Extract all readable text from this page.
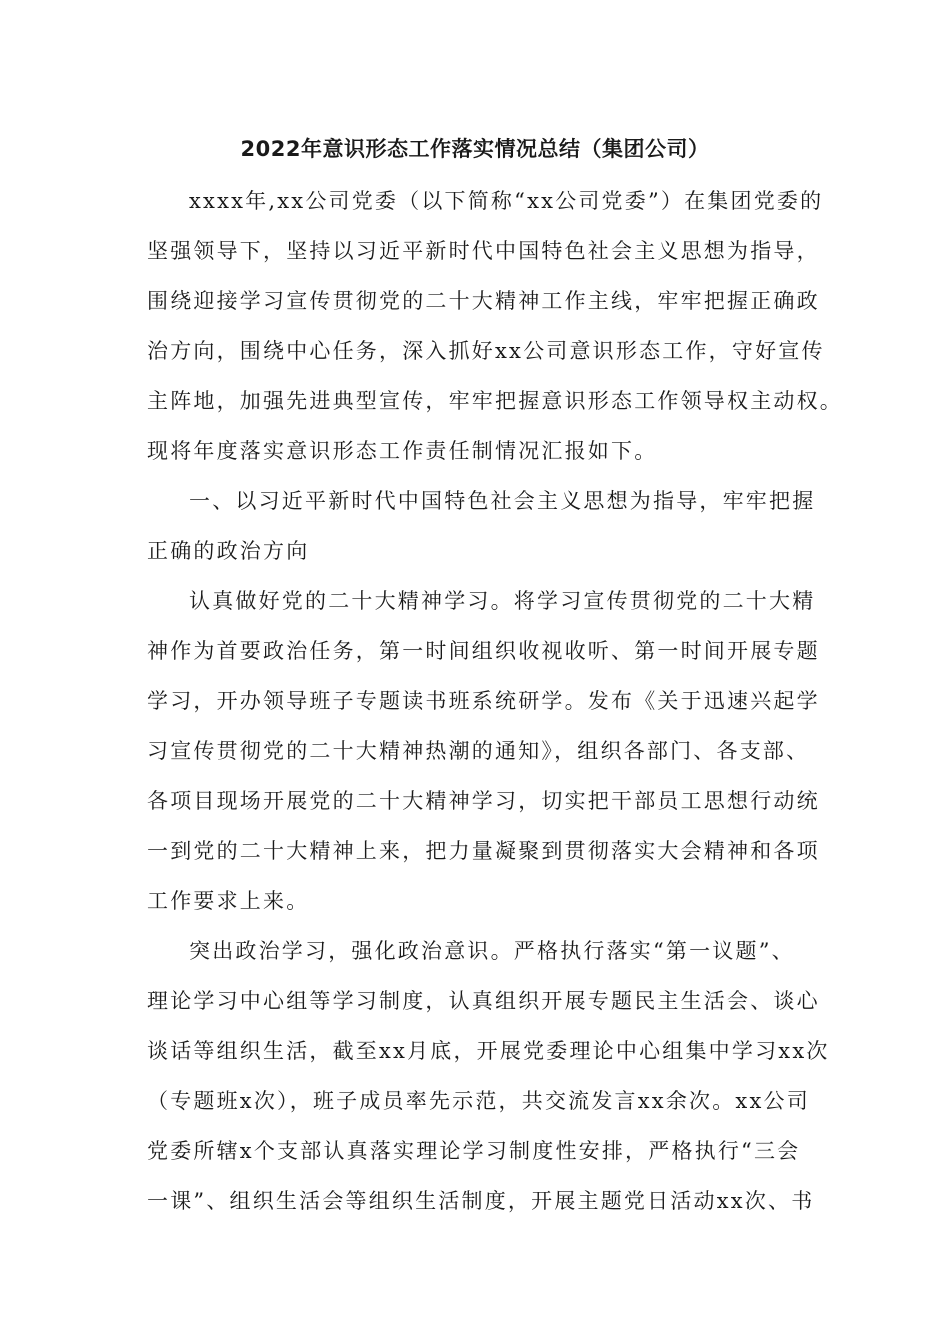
2022年意识形态工作落实情况总结（集团公司）

xxxx年,xx公司党委（以下简称“xx公司党委”）在集团党委的

坚强领导下，坚持以习近平新时代中国特色社会主义思想为指导，

围绕迎接学习宣传贯彻党的二十大精神工作主线，牢牢把握正确政

治方向，围绕中心任务，深入抓好xx公司意识形态工作，守好宣传

主阵地，加强先进典型宣传，牢牢把握意识形态工作领导权主动权。

现将年度落实意识形态工作责任制情况汇报如下。

一、以习近平新时代中国特色社会主义思想为指导，牢牢把握

正确的政治方向

认真做好党的二十大精神学习。将学习宣传贯彻党的二十大精

神作为首要政治任务，第一时间组织收视收听、第一时间开展专题

学习，开办领导班子专题读书班系统研学。发布《关于迅速兴起学

习宣传贯彻党的二十大精神热潮的通知》，组织各部门、各支部、

各项目现场开展党的二十大精神学习，切实把干部员工思想行动统

一到党的二十大精神上来，把力量凝聚到贯彻落实大会精神和各项

工作要求上来。

突出政治学习，强化政治意识。严格执行落实“第一议题”、

理论学习中心组等学习制度，认真组织开展专题民主生活会、谈心

谈话等组织生活，截至xx月底，开展党委理论中心组集中学习xx次

（专题班x次），班子成员率先示范，共交流发言xx余次。xx公司

党委所辖x个支部认真落实理论学习制度性安排，严格执行“三会

一课”、组织生活会等组织生活制度，开展主题党日活动xx次、书
